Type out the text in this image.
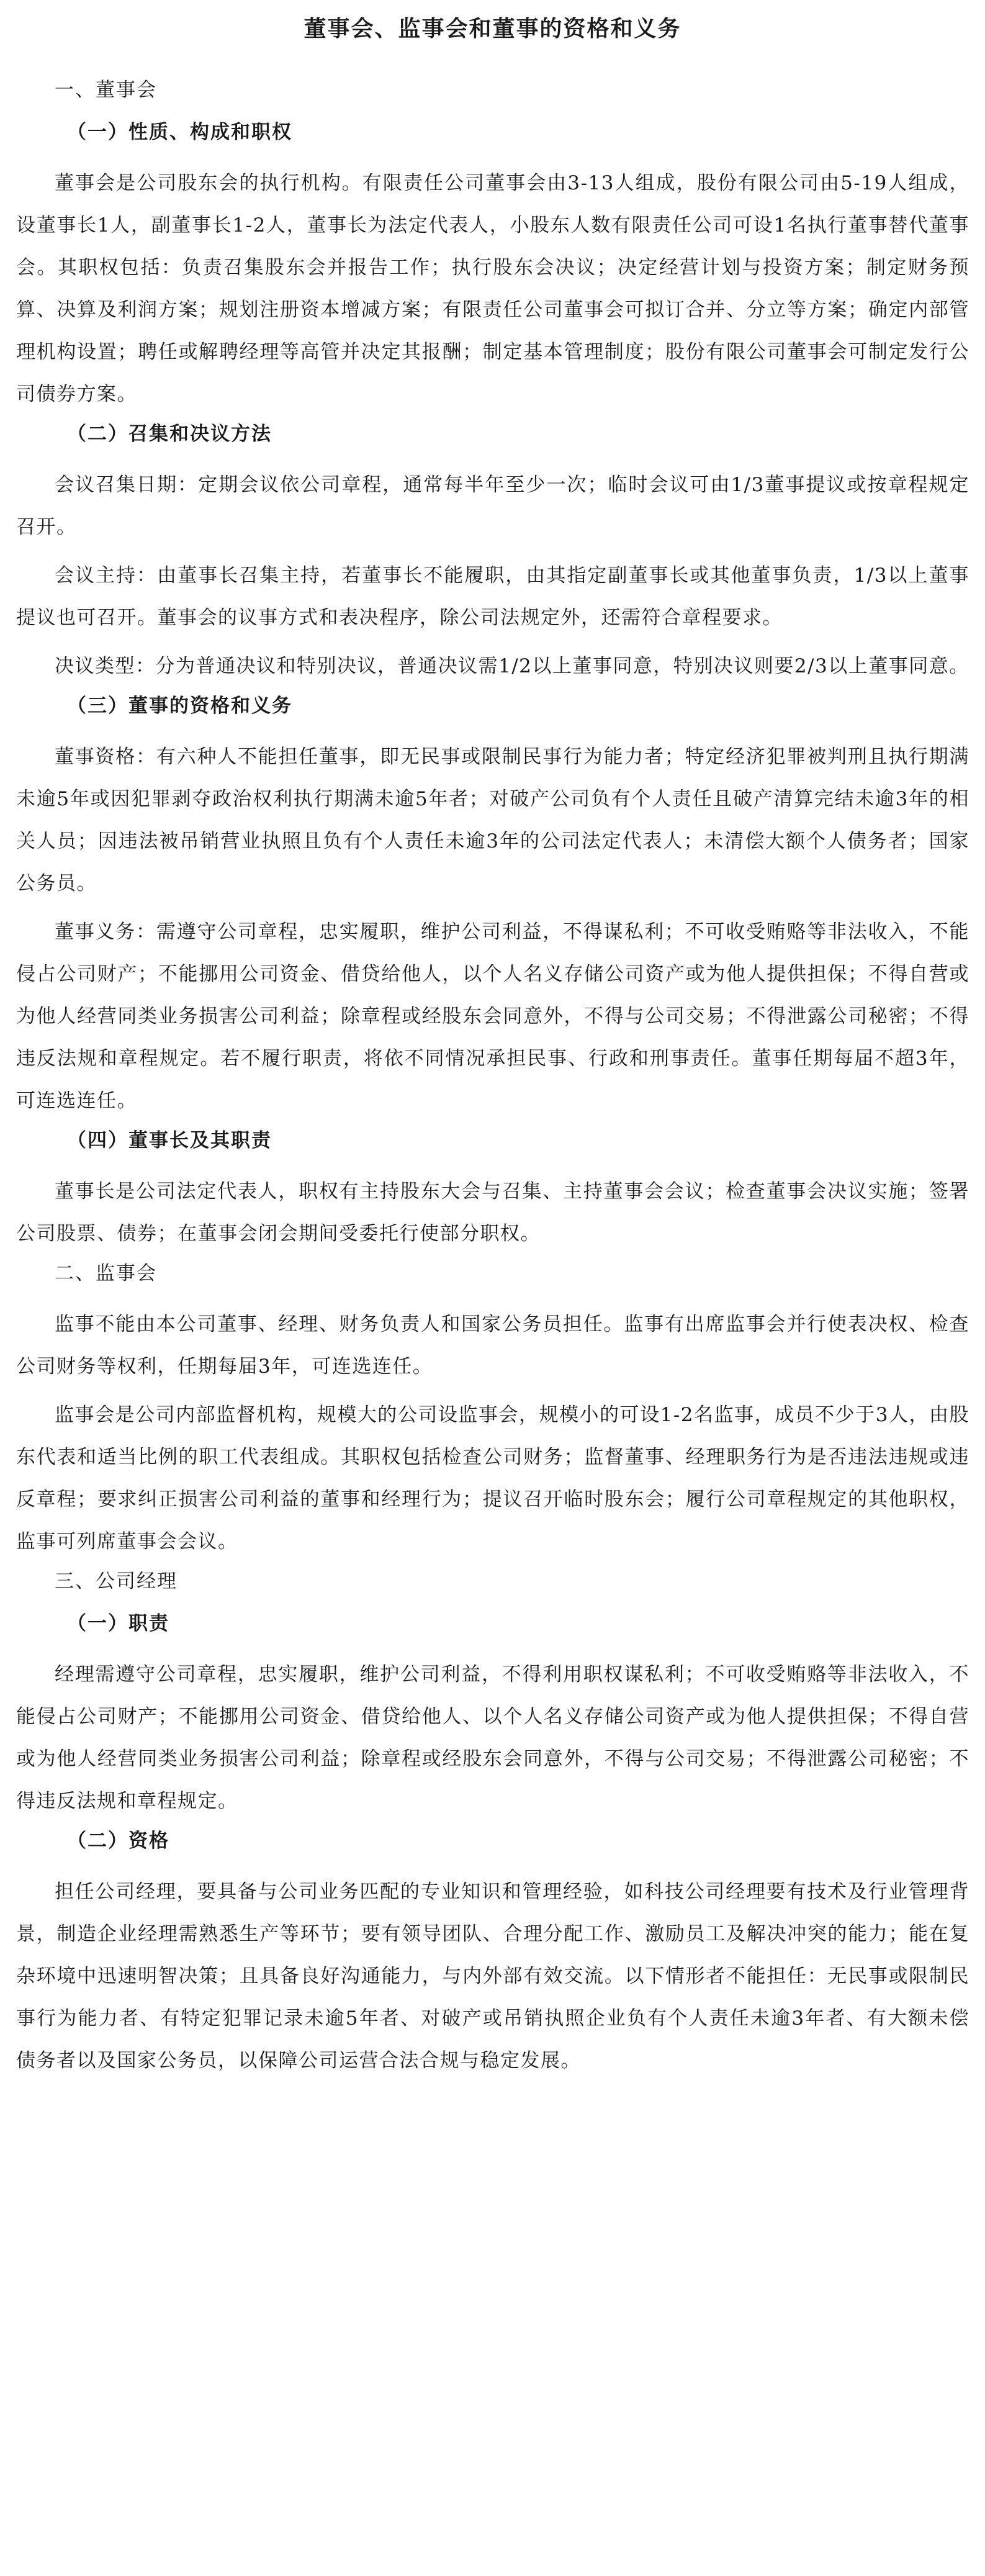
董事会、监事会和董事的资格和义务
一、董事会
（一）性质、构成和职权

董事会是公司股东会的执行机构。有限责任公司董事会由3-13人组成，股份有限公司由5-19人组成，设董事长1人，副董事长1-2人，董事长为法定代表人，小股东人数有限责任公司可设1名执行董事替代董事会。其职权包括：负责召集股东会并报告工作；执行股东会决议；决定经营计划与投资方案；制定财务预算、决算及利润方案；规划注册资本增减方案；有限责任公司董事会可拟订合并、分立等方案；确定内部管理机构设置；聘任或解聘经理等高管并决定其报酬；制定基本管理制度；股份有限公司董事会可制定发行公司债券方案。

（二）召集和决议方法

会议召集日期：定期会议依公司章程，通常每半年至少一次；临时会议可由1/3董事提议或按章程规定召开。

会议主持：由董事长召集主持，若董事长不能履职，由其指定副董事长或其他董事负责，1/3以上董事提议也可召开。董事会的议事方式和表决程序，除公司法规定外，还需符合章程要求。

决议类型：分为普通决议和特别决议，普通决议需1/2以上董事同意，特别决议则要2/3以上董事同意。

（三）董事的资格和义务

董事资格：有六种人不能担任董事，即无民事或限制民事行为能力者；特定经济犯罪被判刑且执行期满未逾5年或因犯罪剥夺政治权利执行期满未逾5年者；对破产公司负有个人责任且破产清算完结未逾3年的相关人员；因违法被吊销营业执照且负有个人责任未逾3年的公司法定代表人；未清偿大额个人债务者；国家公务员。

董事义务：需遵守公司章程，忠实履职，维护公司利益，不得谋私利；不可收受贿赂等非法收入，不能侵占公司财产；不能挪用公司资金、借贷给他人，以个人名义存储公司资产或为他人提供担保；不得自营或为他人经营同类业务损害公司利益；除章程或经股东会同意外，不得与公司交易；不得泄露公司秘密；不得违反法规和章程规定。若不履行职责，将依不同情况承担民事、行政和刑事责任。董事任期每届不超3年，可连选连任。

（四）董事长及其职责

董事长是公司法定代表人，职权有主持股东大会与召集、主持董事会会议；检查董事会决议实施；签署公司股票、债券；在董事会闭会期间受委托行使部分职权。

二、监事会

监事不能由本公司董事、经理、财务负责人和国家公务员担任。监事有出席监事会并行使表决权、检查公司财务等权利，任期每届3年，可连选连任。

监事会是公司内部监督机构，规模大的公司设监事会，规模小的可设1-2名监事，成员不少于3人，由股东代表和适当比例的职工代表组成。其职权包括检查公司财务；监督董事、经理职务行为是否违法违规或违反章程；要求纠正损害公司利益的董事和经理行为；提议召开临时股东会；履行公司章程规定的其他职权，监事可列席董事会会议。

三、公司经理
（一）职责

经理需遵守公司章程，忠实履职，维护公司利益，不得利用职权谋私利；不可收受贿赂等非法收入，不能侵占公司财产；不能挪用公司资金、借贷给他人、以个人名义存储公司资产或为他人提供担保；不得自营或为他人经营同类业务损害公司利益；除章程或经股东会同意外，不得与公司交易；不得泄露公司秘密；不得违反法规和章程规定。

（二）资格

担任公司经理，要具备与公司业务匹配的专业知识和管理经验，如科技公司经理要有技术及行业管理背景，制造企业经理需熟悉生产等环节；要有领导团队、合理分配工作、激励员工及解决冲突的能力；能在复杂环境中迅速明智决策；且具备良好沟通能力，与内外部有效交流。以下情形者不能担任：无民事或限制民事行为能力者、有特定犯罪记录未逾5年者、对破产或吊销执照企业负有个人责任未逾3年者、有大额未偿债务者以及国家公务员，以保障公司运营合法合规与稳定发展。
